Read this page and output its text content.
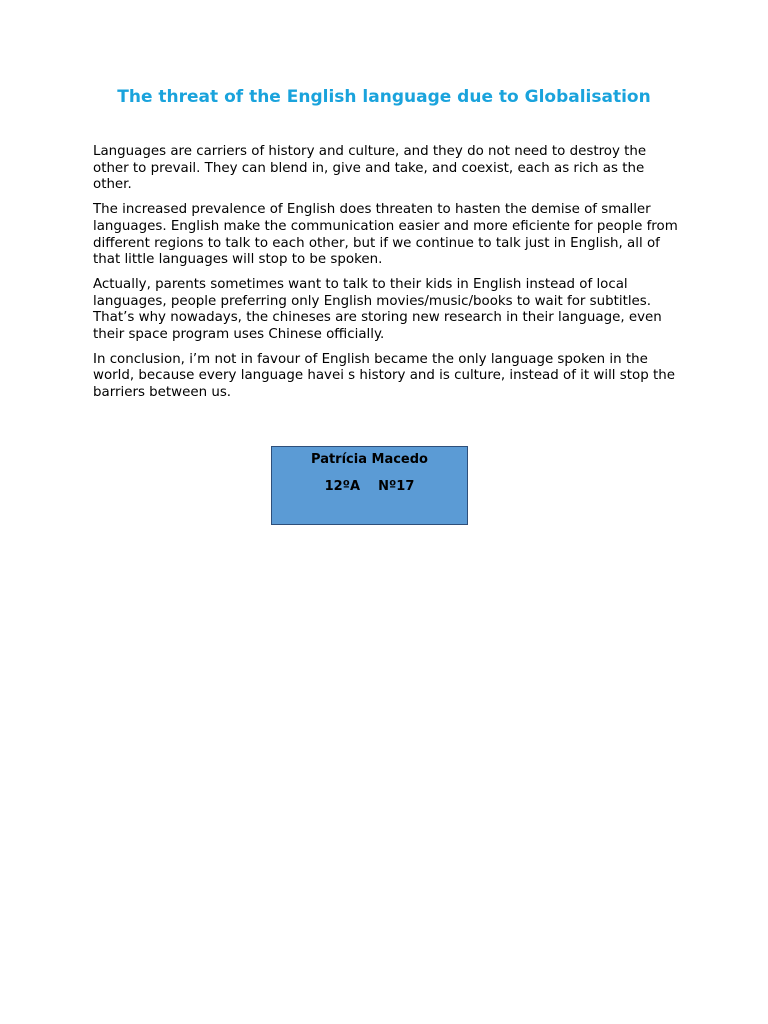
The threat of the English language due to Globalisation

Languages are carriers of history and culture, and they do not need to destroy the other to prevail. They can blend in, give and take, and coexist, each as rich as the other.

The increased prevalence of English does threaten to hasten the demise of smaller languages. English make the communication easier and more eficiente for people from different regions to talk to each other, but if we continue to talk just in English, all of that little languages will stop to be spoken.

Actually, parents sometimes want to talk to their kids in English instead of local languages, people preferring only English movies/music/books to wait for subtitles. That’s why nowadays, the chineses are storing new research in their language, even their space program uses Chinese officially.

In conclusion, i’m not in favour of English became the only language spoken in the world, because every language havei s history and is culture, instead of it will stop the barriers between us.

Patrícia Macedo
12ºA Nº17
